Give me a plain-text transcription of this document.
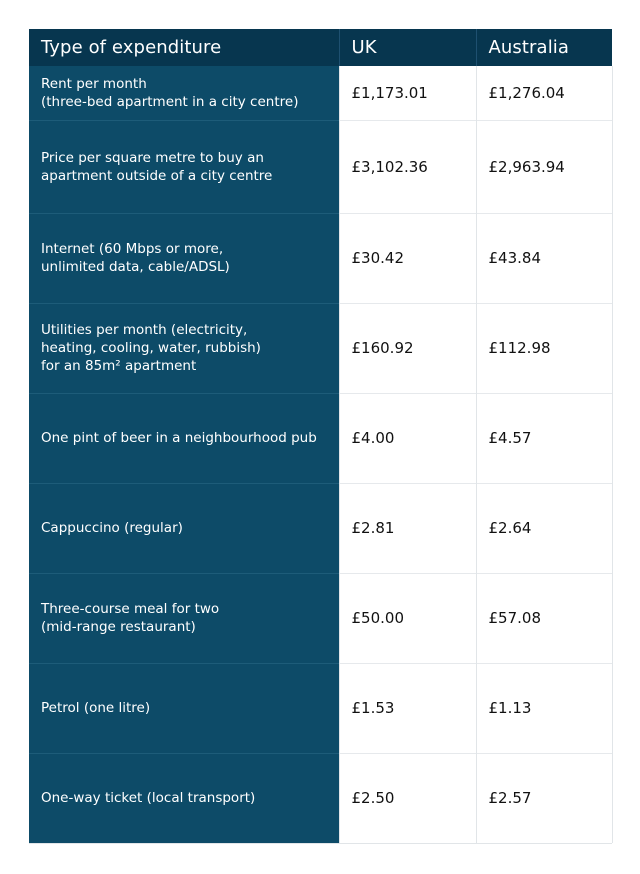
Type of expenditure	UK	Australia
Rent per month
(three-bed apartment in a city centre)	£1,173.01	£1,276.04
Price per square metre to buy an
apartment outside of a city centre	£3,102.36	£2,963.94
Internet (60 Mbps or more,
unlimited data, cable/ADSL)	£30.42	£43.84
Utilities per month (electricity,
heating, cooling, water, rubbish)
for an 85m² apartment	£160.92	£112.98
One pint of beer in a neighbourhood pub	£4.00	£4.57
Cappuccino (regular)	£2.81	£2.64
Three-course meal for two
(mid-range restaurant)	£50.00	£57.08
Petrol (one litre)	£1.53	£1.13
One-way ticket (local transport)	£2.50	£2.57
